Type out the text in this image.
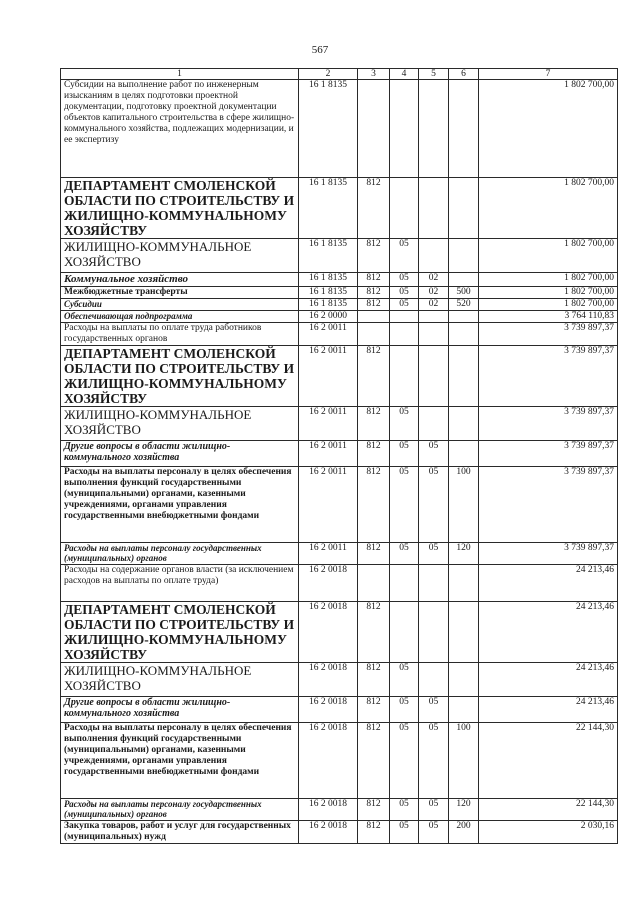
567
1	2	3	4	5	6	7
Субсидии на выполнение работ по инженерным изысканиям в целях подготовки проектной документации, подготовку проектной документации объектов капитального строительства в сфере жилищно-коммунального хозяйства, подлежащих модернизации, и ее экспертизу	16 1 8135					1 802 700,00
ДЕПАРТАМЕНТ СМОЛЕНСКОЙ ОБЛАСТИ ПО СТРОИТЕЛЬСТВУ И ЖИЛИЩНО-КОММУНАЛЬНОМУ ХОЗЯЙСТВУ	16 1 8135	812				1 802 700,00
ЖИЛИЩНО-КОММУНАЛЬНОЕ ХОЗЯЙСТВО	16 1 8135	812	05			1 802 700,00
Коммунальное хозяйство	16 1 8135	812	05	02		1 802 700,00
Межбюджетные трансферты	16 1 8135	812	05	02	500	1 802 700,00
Субсидии	16 1 8135	812	05	02	520	1 802 700,00
Обеспечивающая подпрограмма	16 2 0000					3 764 110,83
Расходы на выплаты по оплате труда работников государственных органов	16 2 0011					3 739 897,37
ДЕПАРТАМЕНТ СМОЛЕНСКОЙ ОБЛАСТИ ПО СТРОИТЕЛЬСТВУ И ЖИЛИЩНО-КОММУНАЛЬНОМУ ХОЗЯЙСТВУ	16 2 0011	812				3 739 897,37
ЖИЛИЩНО-КОММУНАЛЬНОЕ ХОЗЯЙСТВО	16 2 0011	812	05			3 739 897,37
Другие вопросы в области жилищно-коммунального хозяйства	16 2 0011	812	05	05		3 739 897,37
Расходы на выплаты персоналу в целях обеспечения выполнения функций государственными (муниципальными) органами, казенными учреждениями, органами управления государственными внебюджетными фондами	16 2 0011	812	05	05	100	3 739 897,37
Расходы на выплаты персоналу государственных (муниципальных) органов	16 2 0011	812	05	05	120	3 739 897,37
Расходы на содержание органов власти (за исключением расходов на выплаты по оплате труда)	16 2 0018					24 213,46
ДЕПАРТАМЕНТ СМОЛЕНСКОЙ ОБЛАСТИ ПО СТРОИТЕЛЬСТВУ И ЖИЛИЩНО-КОММУНАЛЬНОМУ ХОЗЯЙСТВУ	16 2 0018	812				24 213,46
ЖИЛИЩНО-КОММУНАЛЬНОЕ ХОЗЯЙСТВО	16 2 0018	812	05			24 213,46
Другие вопросы в области жилищно-коммунального хозяйства	16 2 0018	812	05	05		24 213,46
Расходы на выплаты персоналу в целях обеспечения выполнения функций государственными (муниципальными) органами, казенными учреждениями, органами управления государственными внебюджетными фондами	16 2 0018	812	05	05	100	22 144,30
Расходы на выплаты персоналу государственных (муниципальных) органов	16 2 0018	812	05	05	120	22 144,30
Закупка товаров, работ и услуг для государственных (муниципальных) нужд	16 2 0018	812	05	05	200	2 030,16
